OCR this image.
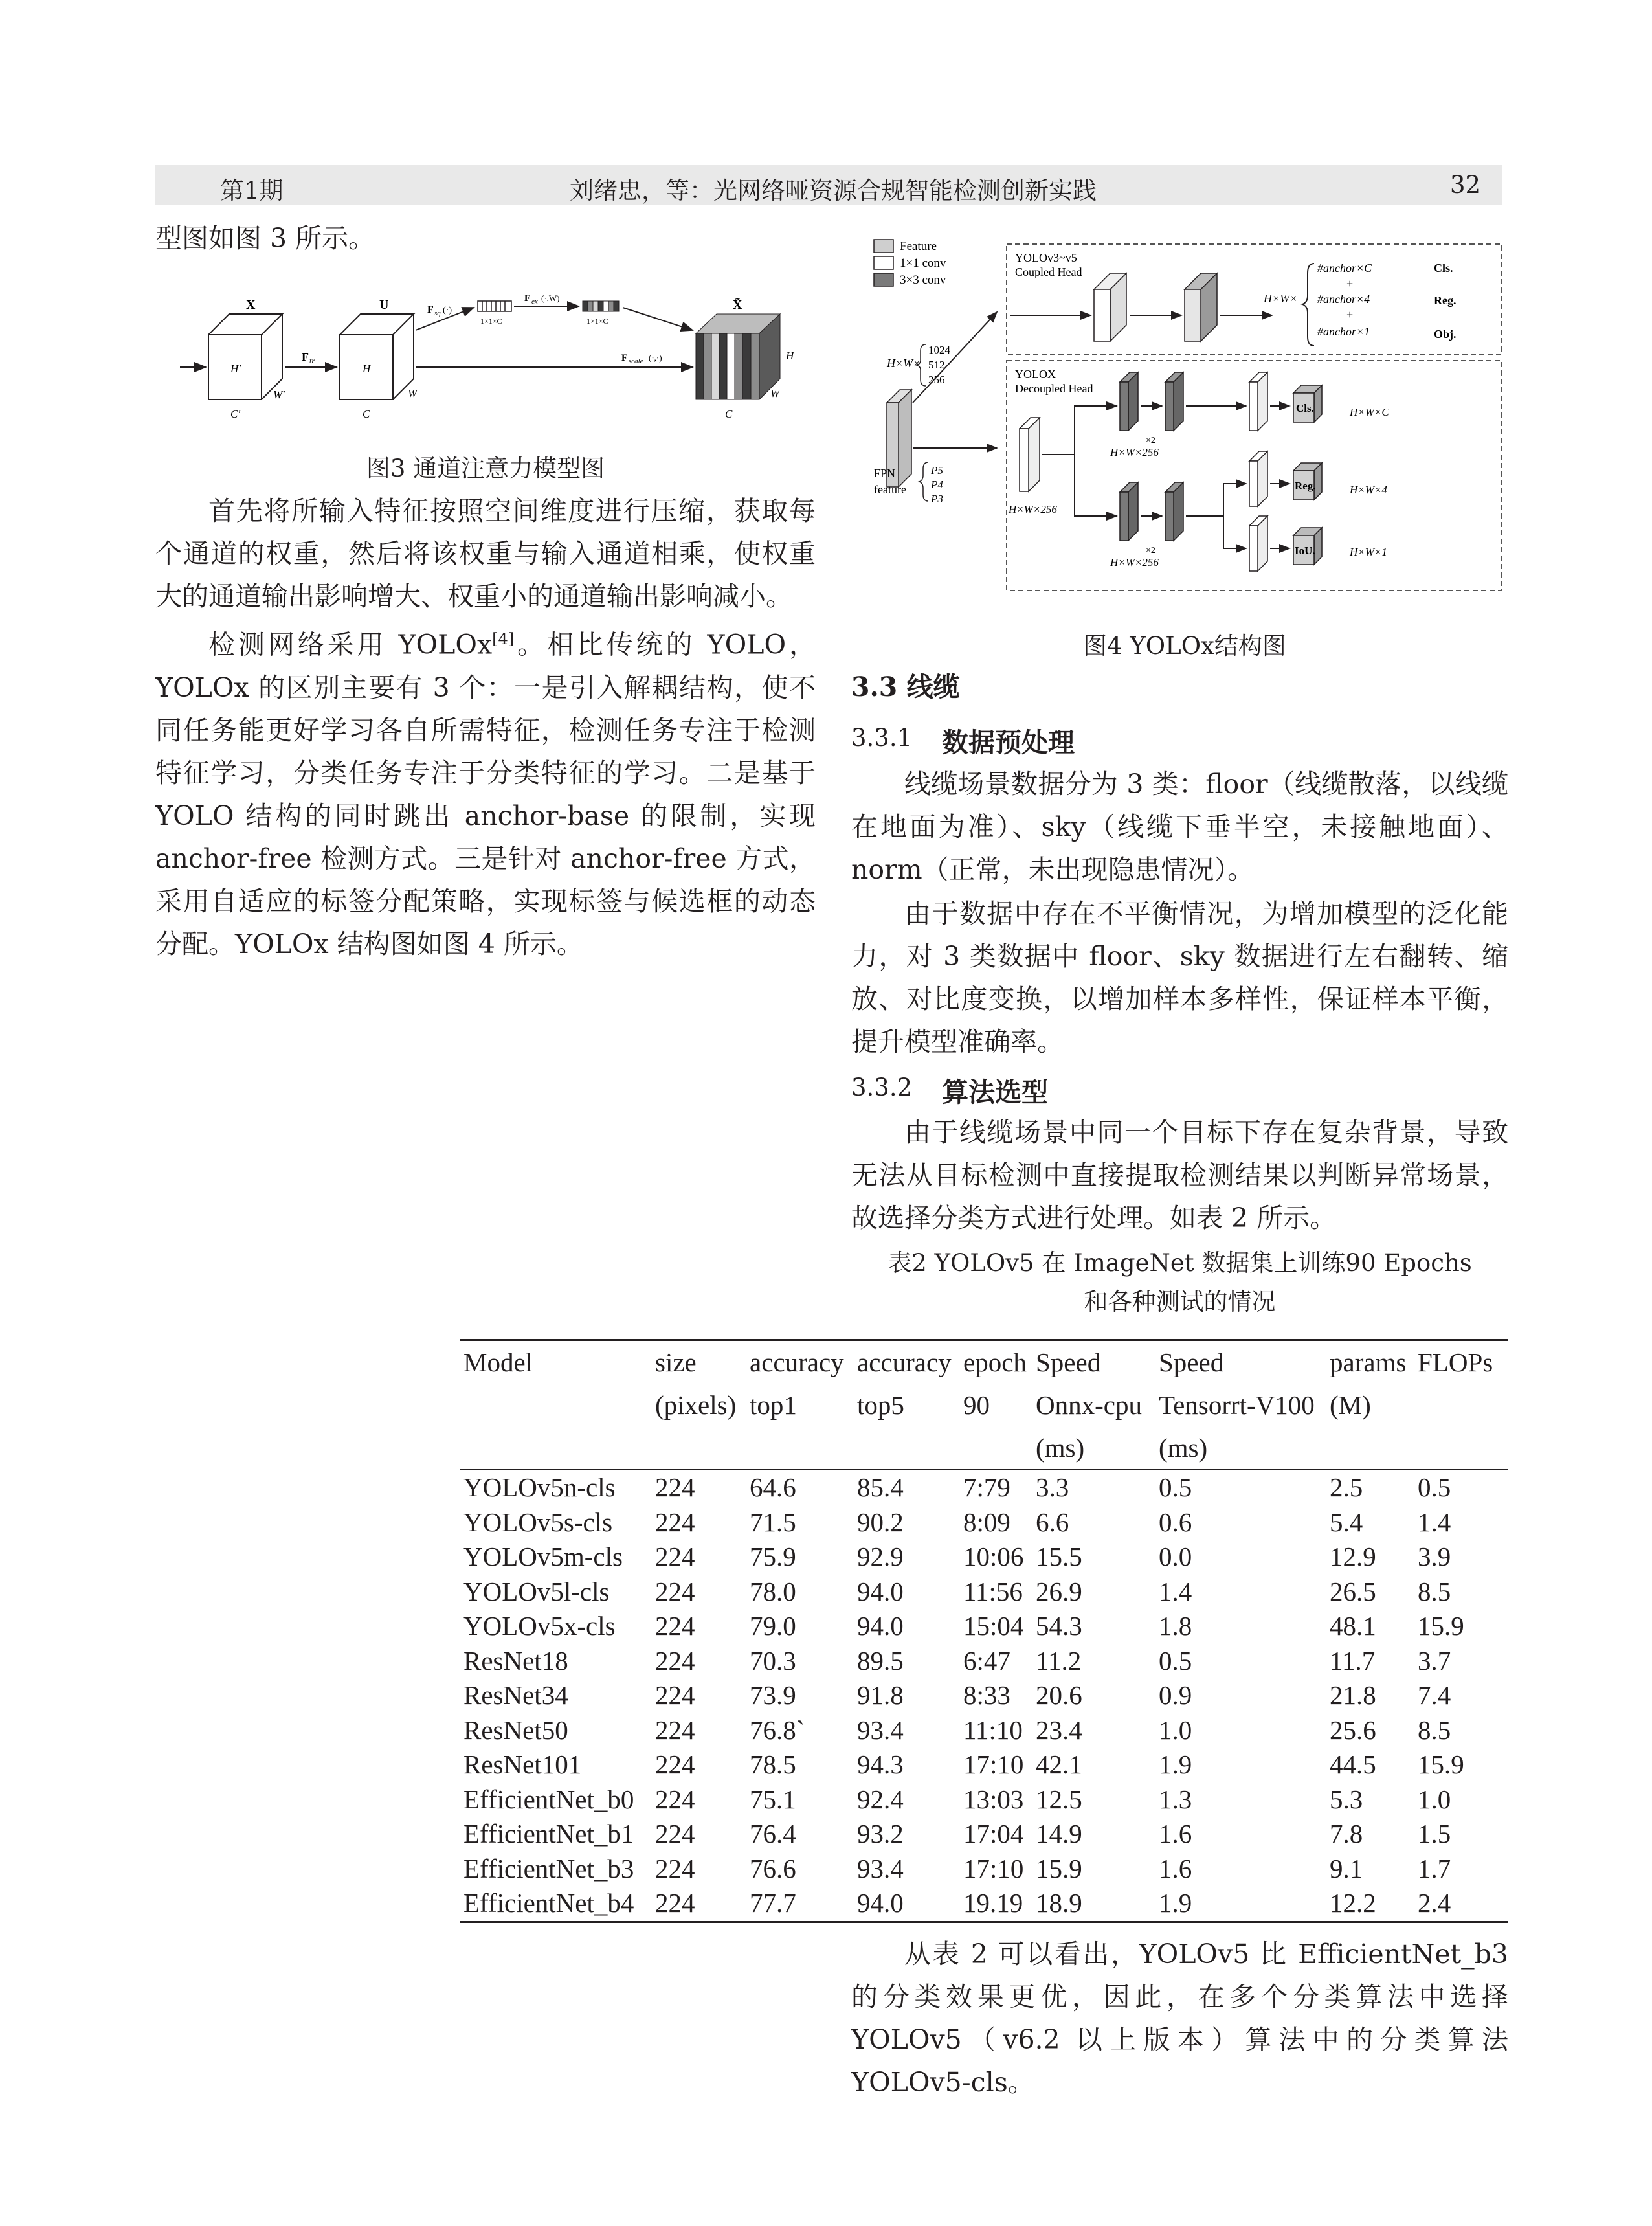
第1期	刘绪忠，等：光网络哑资源合规智能检测创新实践	32

型图如图 3 所示。

X
H′
W′
C′
F tr
U
H
W
C
F sq (·)
1×1×C
F ex (·,W)
1×1×C
F scale (·,·)
X̃
H
W
C
图3 通道注意力模型图

首先将所输入特征按照空间维度进行压缩，获取每个通道的权重，然后将该权重与输入通道相乘，使权重大的通道输出影响增大、权重小的通道输出影响减小。

检测网络采用 YOLOx[4]。相比传统的 YOLO，YOLOx 的区别主要有 3 个：一是引入解耦结构，使不同任务能更好学习各自所需特征，检测任务专注于检测特征学习，分类任务专注于分类特征的学习。二是基于 YOLO 结构的同时跳出 anchor-base 的限制，实现 anchor-free 检测方式。三是针对 anchor-free 方式，采用自适应的标签分配策略，实现标签与候选框的动态分配。YOLOx 结构图如图 4 所示。

Feature
1×1 conv
3×3 conv
YOLOv3~v5
Coupled Head
H×W×
#anchor×C
+
#anchor×4
+
#anchor×1
Cls.
Reg.
Obj.
H×W×
1024
512
256
FPN
feature
P5
P4
P3
YOLOX
Decoupled Head
H×W×256
×2
H×W×256
Cls.	H×W×C
×2
H×W×256
Reg.
IoU.
H×W×4
H×W×1
图4 YOLOx结构图
3.3 线缆
3.3.1 数据预处理

线缆场景数据分为 3 类：floor（线缆散落，以线缆在地面为准）、sky（线缆下垂半空，未接触地面）、norm（正常，未出现隐患情况）。

由于数据中存在不平衡情况，为增加模型的泛化能力，对 3 类数据中 floor、sky 数据进行左右翻转、缩放、对比度变换，以增加样本多样性，保证样本平衡，提升模型准确率。

3.3.2 算法选型

由于线缆场景中同一个目标下存在复杂背景，导致无法从目标检测中直接提取检测结果以判断异常场景，故选择分类方式进行处理。如表 2 所示。

表2 YOLOv5 在 ImageNet 数据集上训练90 Epochs
和各种测试的情况
Model	size	accuracy	accuracy	epoch	Speed	Speed	params	FLOPs
	(pixels)	top1	top5	90	Onnx-cpu	Tensorrt-V100	(M)	
					(ms)	(ms)		
YOLOv5n-cls	224	64.6	85.4	7:79	3.3	0.5	2.5	0.5
YOLOv5s-cls	224	71.5	90.2	8:09	6.6	0.6	5.4	1.4
YOLOv5m-cls	224	75.9	92.9	10:06	15.5	0.0	12.9	3.9
YOLOv5l-cls	224	78.0	94.0	11:56	26.9	1.4	26.5	8.5
YOLOv5x-cls	224	79.0	94.0	15:04	54.3	1.8	48.1	15.9
ResNet18	224	70.3	89.5	6:47	11.2	0.5	11.7	3.7
ResNet34	224	73.9	91.8	8:33	20.6	0.9	21.8	7.4
ResNet50	224	76.8`	93.4	11:10	23.4	1.0	25.6	8.5
ResNet101	224	78.5	94.3	17:10	42.1	1.9	44.5	15.9
EfficientNet_b0	224	75.1	92.4	13:03	12.5	1.3	5.3	1.0
EfficientNet_b1	224	76.4	93.2	17:04	14.9	1.6	7.8	1.5
EfficientNet_b3	224	76.6	93.4	17:10	15.9	1.6	9.1	1.7
EfficientNet_b4	224	77.7	94.0	19.19	18.9	1.9	12.2	2.4

从表 2 可以看出，YOLOv5 比 EfficientNet_b3 的分类效果更优，因此，在多个分类算法中选择 YOLOv5（v6.2 以上版本）算法中的分类算法 YOLOv5-cls。
